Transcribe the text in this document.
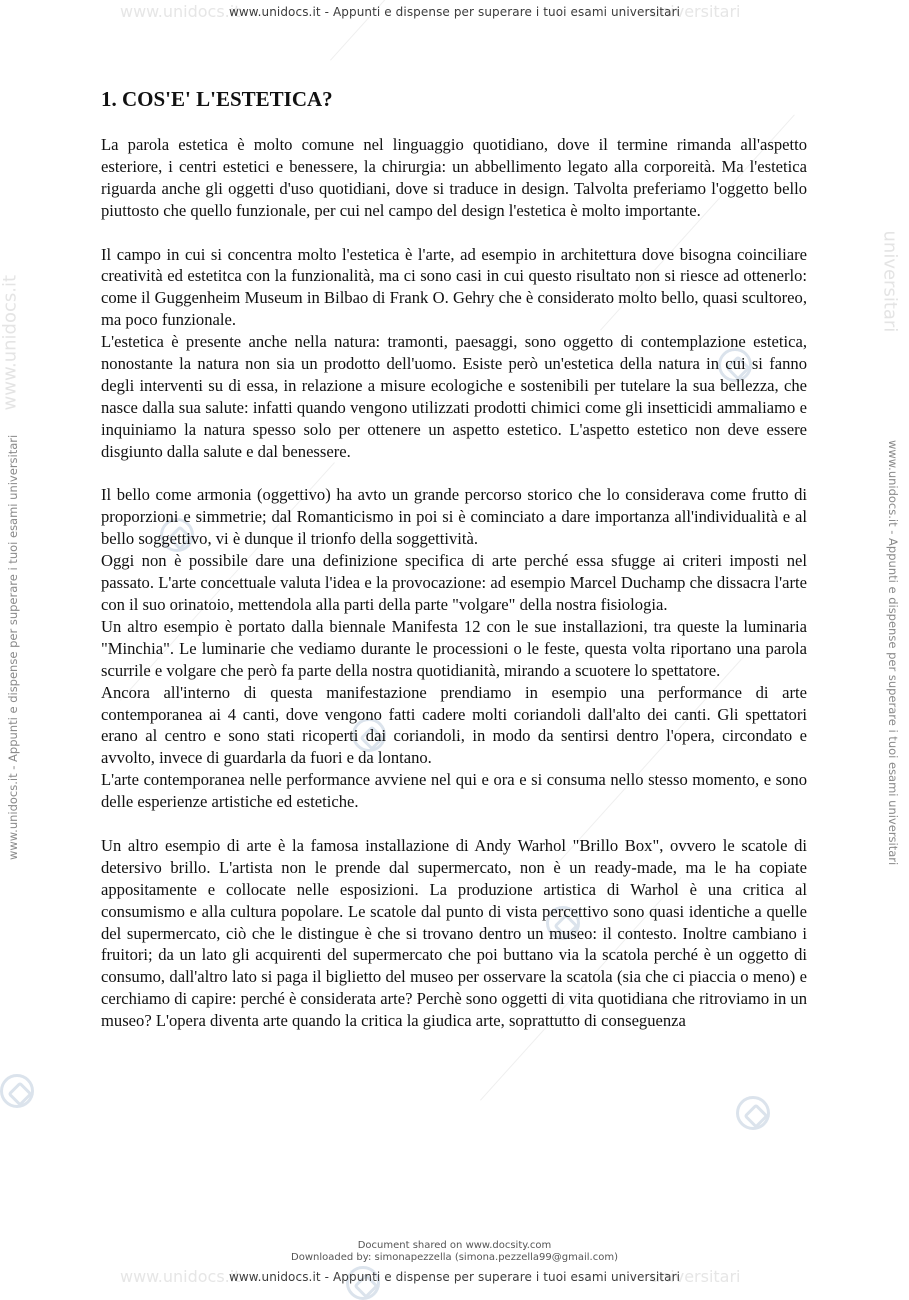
www.unidocs.it	universitari
www.unidocs.it - Appunti e dispense per superare i tuoi esami universitari
www.unidocs.it - Appunti e dispense per superare i tuoi esami universitari
www.unidocs.it
www.unidocs.it - Appunti e dispense per superare i tuoi esami universitari
universitari
1. COS'E' L'ESTETICA?

La parola estetica è molto comune nel linguaggio quotidiano, dove il termine rimanda all'aspetto esteriore, i centri estetici e benessere, la chirurgia: un abbellimento legato alla corporeità. Ma l'estetica riguarda anche gli oggetti d'uso quotidiani, dove si traduce in design. Talvolta preferiamo l'oggetto bello piuttosto che quello funzionale, per cui nel campo del design l'estetica è molto importante.

Il campo in cui si concentra molto l'estetica è l'arte, ad esempio in architettura dove bisogna coinciliare creatività ed estetitca con la funzionalità, ma ci sono casi in cui questo risultato non si riesce ad ottenerlo: come il Guggenheim Museum in Bilbao di Frank O. Gehry che è considerato molto bello, quasi scultoreo, ma poco funzionale.

L'estetica è presente anche nella natura: tramonti, paesaggi, sono oggetto di contemplazione estetica, nonostante la natura non sia un prodotto dell'uomo. Esiste però un'estetica della natura in cui si fanno degli interventi su di essa, in relazione a misure ecologiche e sostenibili per tutelare la sua bellezza, che nasce dalla sua salute: infatti quando vengono utilizzati prodotti chimici come gli insetticidi ammaliamo e inquiniamo la natura spesso solo per ottenere un aspetto estetico. L'aspetto estetico non deve essere disgiunto dalla salute e dal benessere.

Il bello come armonia (oggettivo) ha avto un grande percorso storico che lo considerava come frutto di proporzioni e simmetrie; dal Romanticismo in poi si è cominciato a dare importanza all'individualità e al bello soggettivo, vi è dunque il trionfo della soggettività.

Oggi non è possibile dare una definizione specifica di arte perché essa sfugge ai criteri imposti nel passato. L'arte concettuale valuta l'idea e la provocazione: ad esempio Marcel Duchamp che dissacra l'arte con il suo orinatoio, mettendola alla parti della parte "volgare" della nostra fisiologia.

Un altro esempio è portato dalla biennale Manifesta 12 con le sue installazioni, tra queste la luminaria "Minchia". Le luminarie che vediamo durante le processioni o le feste, questa volta riportano una parola scurrile e volgare che però fa parte della nostra quotidianità, mirando a scuotere lo spettatore.

Ancora all'interno di questa manifestazione prendiamo in esempio una performance di arte contemporanea ai 4 canti, dove vengono fatti cadere molti coriandoli dall'alto dei canti. Gli spettatori erano al centro e sono stati ricoperti dai coriandoli, in modo da sentirsi dentro l'opera, circondato e avvolto, invece di guardarla da fuori e da lontano.

L'arte contemporanea nelle performance avviene nel qui e ora e si consuma nello stesso momento, e sono delle esperienze artistiche ed estetiche.

Un altro esempio di arte è la famosa installazione di Andy Warhol "Brillo Box", ovvero le scatole di detersivo brillo. L'artista non le prende dal supermercato, non è un ready-made, ma le ha copiate appositamente e collocate nelle esposizioni. La produzione artistica di Warhol è una critica al consumismo e alla cultura popolare. Le scatole dal punto di vista percettivo sono quasi identiche a quelle del supermercato, ciò che le distingue è che si trovano dentro un museo: il contesto. Inoltre cambiano i fruitori; da un lato gli acquirenti del supermercato che poi buttano via la scatola perché è un oggetto di consumo, dall'altro lato si paga il biglietto del museo per osservare la scatola (sia che ci piaccia o meno) e cerchiamo di capire: perché è considerata arte? Perchè sono oggetti di vita quotidiana che ritroviamo in un museo? L'opera diventa arte quando la critica la giudica arte, soprattutto di conseguenza

Document shared on www.docsity.com
Downloaded by: simonapezzella (simona.pezzella99@gmail.com)
www.unidocs.it	universitari
www.unidocs.it - Appunti e dispense per superare i tuoi esami universitari
